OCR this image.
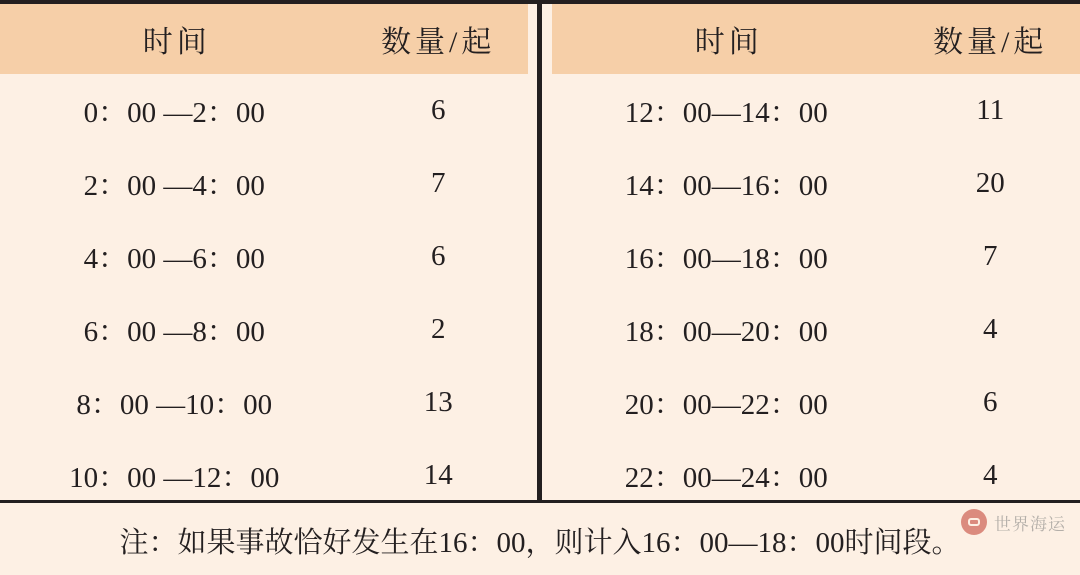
时间	数量/起
0：00 —2：00	6
2：00 —4：00	7
4：00 —6：00	6
6：00 —8：00	2
8：00 —10：00	13
10：00 —12：00	14
时间	数量/起
12：00—14：00	11
14：00—16：00	20
16：00—18：00	7
18：00—20：00	4
20：00—22：00	6
22：00—24：00	4
注：如果事故恰好发生在16：00，则计入16：00—18：00时间段。
世界海运
